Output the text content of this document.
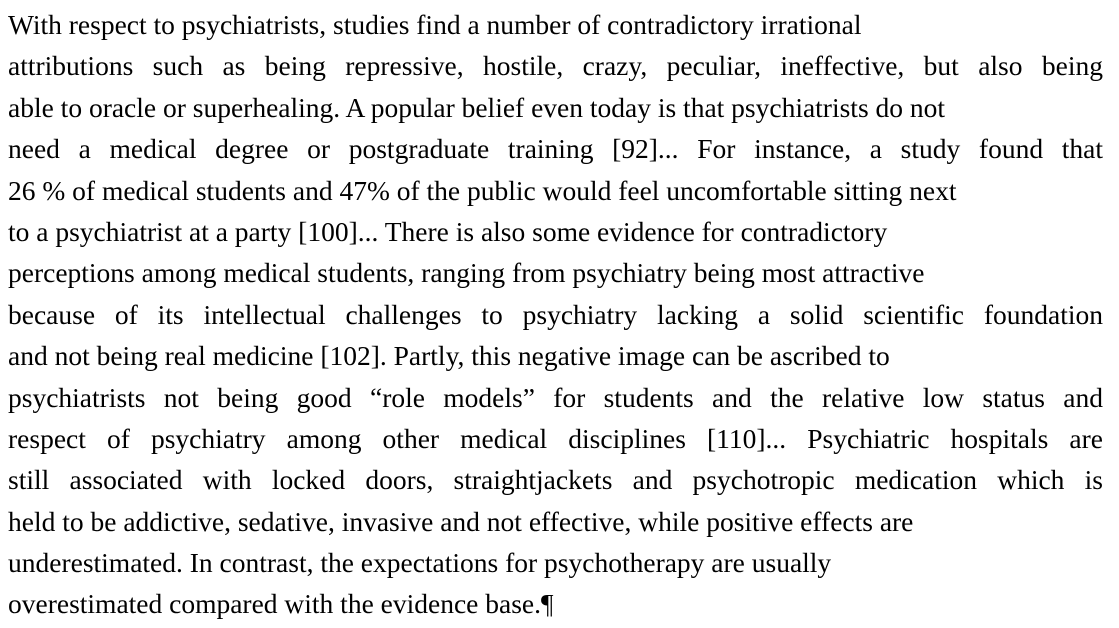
With respect to psychiatrists, studies find a number of contradictory irrational
attributions such as being repressive, hostile, crazy, peculiar, ineffective, but also being
able to oracle or superhealing. A popular belief even today is that psychiatrists do not
need a medical degree or postgraduate training [92]... For instance, a study found that
26 % of medical students and 47% of the public would feel uncomfortable sitting next
to a psychiatrist at a party [100]... There is also some evidence for contradictory
perceptions among medical students, ranging from psychiatry being most attractive
because of its intellectual challenges to psychiatry lacking a solid scientific foundation
and not being real medicine [102]. Partly, this negative image can be ascribed to
psychiatrists not being good “role models” for students and the relative low status and
respect of psychiatry among other medical disciplines [110]... Psychiatric hospitals are
still associated with locked doors, straightjackets and psychotropic medication which is
held to be addictive, sedative, invasive and not effective, while positive effects are
underestimated. In contrast, the expectations for psychotherapy are usually
overestimated compared with the evidence base.¶
